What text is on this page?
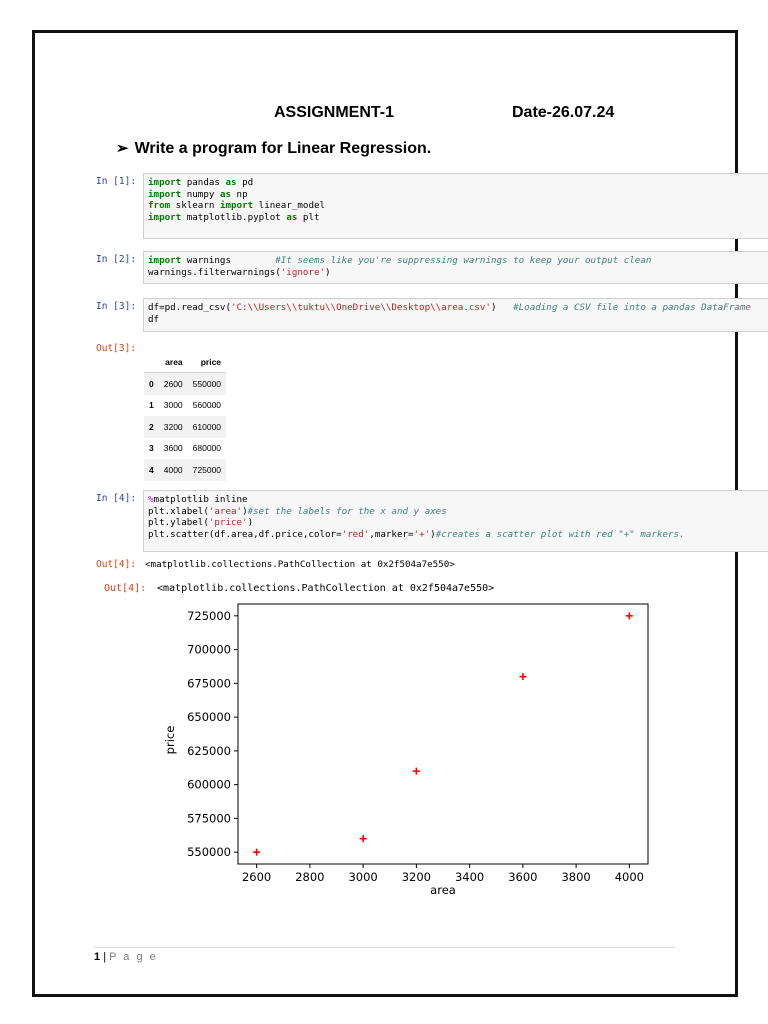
ASSIGNMENT-1	Date-26.07.24
➢ Write a program for Linear Regression.
In [1]:	import pandas as pd
import numpy as np
from sklearn import linear_model
import matplotlib.pyplot as plt
In [2]:	import warnings        #It seems like you're suppressing warnings to keep your output clean
warnings.filterwarnings('ignore')
In [3]:	df=pd.read_csv('C:\\Users\\tuktu\\OneDrive\\Desktop\\area.csv')   #Loading a CSV file into a pandas DataFrame
df
Out[3]:
	area	price
0	2600	550000
1	3000	560000
2	3200	610000
3	3600	680000
4	4000	725000
In [4]:	%matplotlib inline
plt.xlabel('area')#set the labels for the x and y axes
plt.ylabel('price')
plt.scatter(df.area,df.price,color='red',marker='+')#creates a scatter plot with red "+" markers.
Out[4]: <matplotlib.collections.PathCollection at 0x2f504a7e550>
Out[4]:	<matplotlib.collections.PathCollection at 0x2f504a7e550>
2600 2800 3000 3200 3400 3600 3800 4000
550000
575000
600000
625000
650000
675000
700000
725000
area
price
1 | P a g e
